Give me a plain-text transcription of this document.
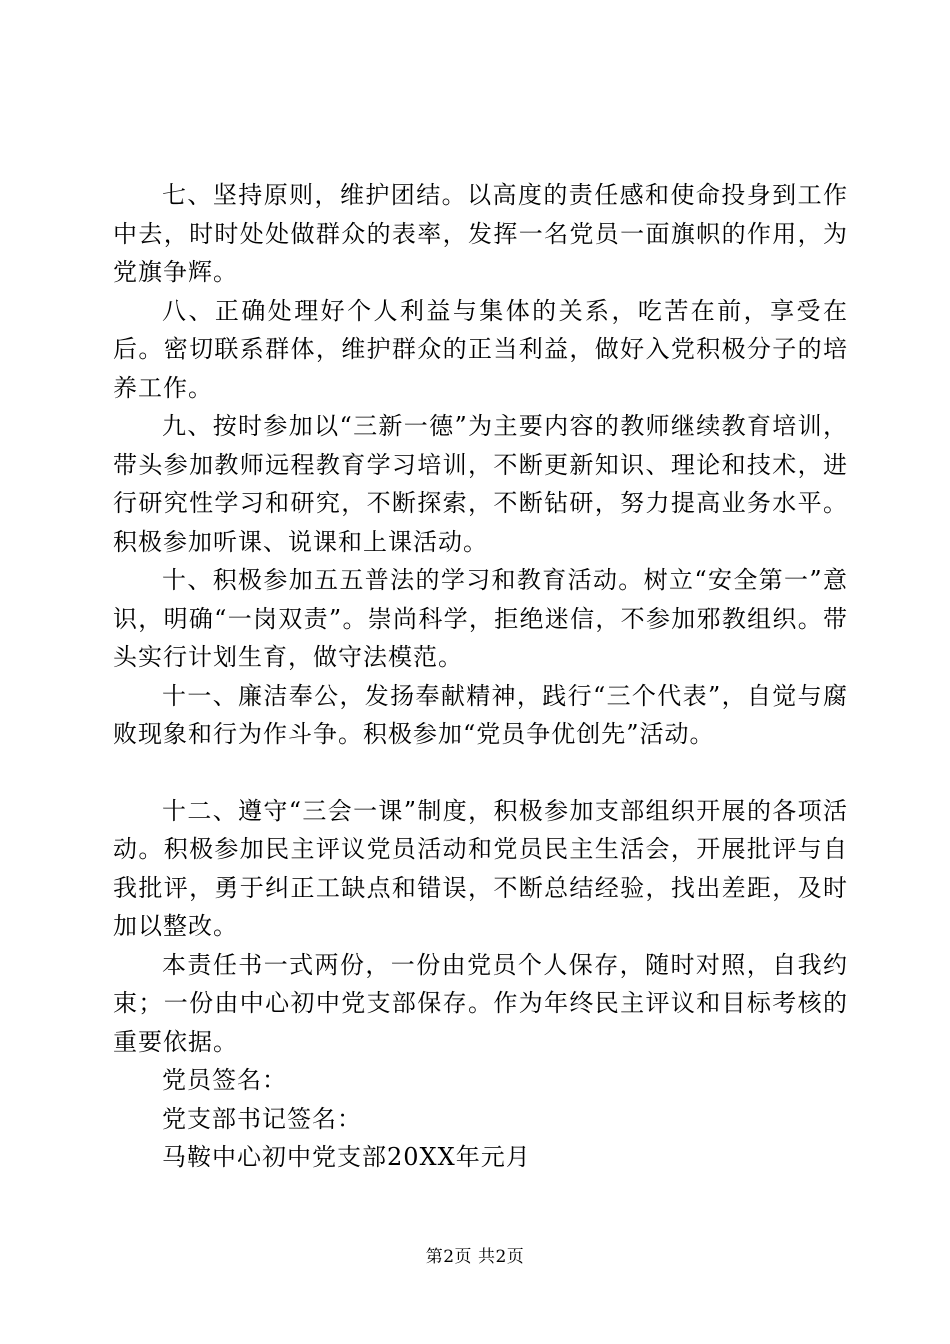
七、坚持原则，维护团结。以高度的责任感和使命投身到工作中去，时时处处做群众的表率，发挥一名党员一面旗帜的作用，为党旗争辉。

八、正确处理好个人利益与集体的关系，吃苦在前，享受在后。密切联系群体，维护群众的正当利益，做好入党积极分子的培养工作。

九、按时参加以“三新一德”为主要内容的教师继续教育培训，带头参加教师远程教育学习培训，不断更新知识、理论和技术，进行研究性学习和研究，不断探索，不断钻研，努力提高业务水平。积极参加听课、说课和上课活动。

十、积极参加五五普法的学习和教育活动。树立“安全第一”意识，明确“一岗双责”。崇尚科学，拒绝迷信，不参加邪教组织。带头实行计划生育，做守法模范。

十一、廉洁奉公，发扬奉献精神，践行“三个代表”，自觉与腐败现象和行为作斗争。积极参加“党员争优创先”活动。

十二、遵守“三会一课”制度，积极参加支部组织开展的各项活动。积极参加民主评议党员活动和党员民主生活会，开展批评与自我批评，勇于纠正工缺点和错误，不断总结经验，找出差距，及时加以整改。

本责任书一式两份，一份由党员个人保存，随时对照，自我约束；一份由中心初中党支部保存。作为年终民主评议和目标考核的重要依据。

党员签名：

党支部书记签名：

马鞍中心初中党支部20XX年元月

第2页 共2页
